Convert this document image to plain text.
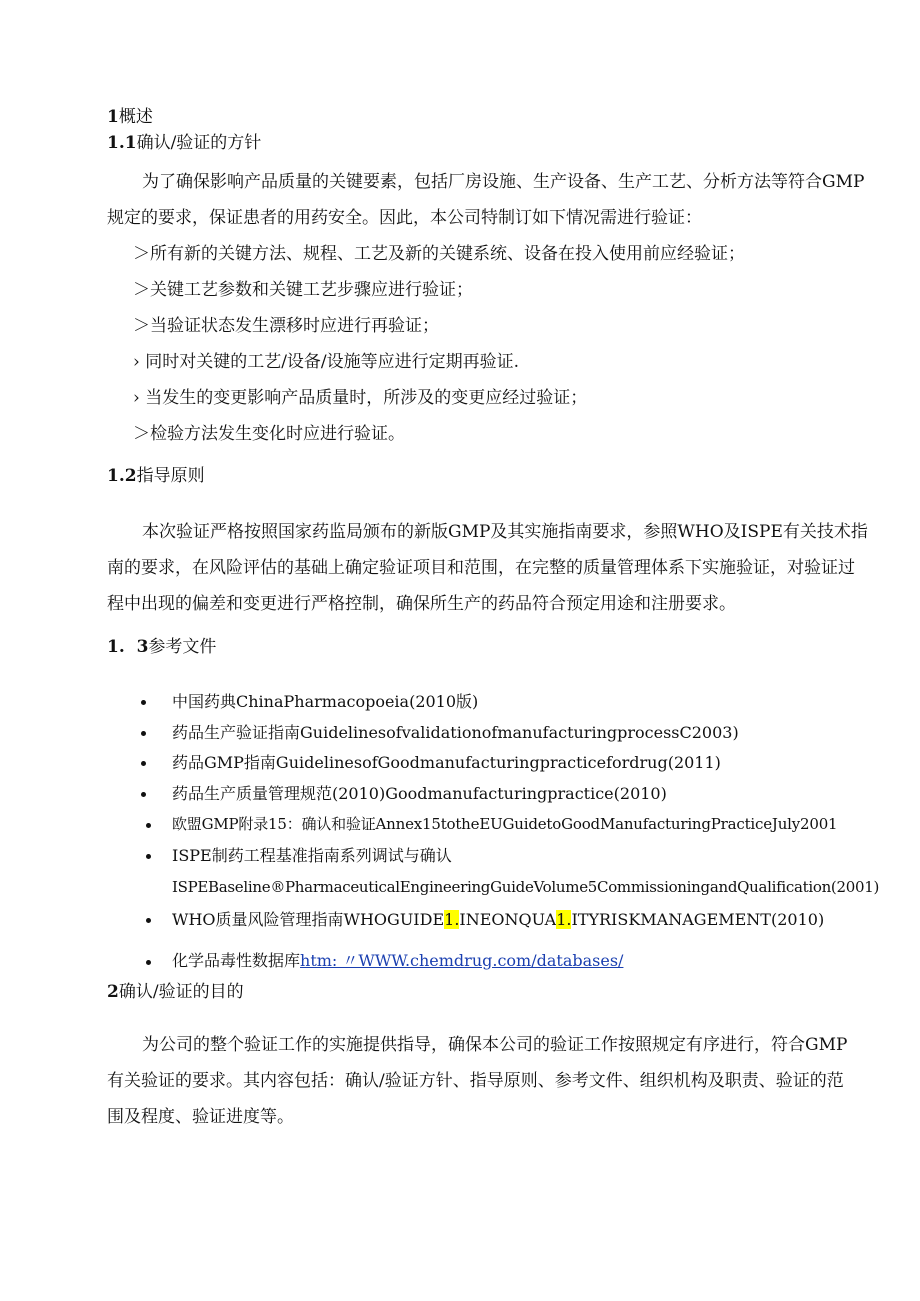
1概述
1.1确认/验证的方针
为了确保影响产品质量的关键要素，包括厂房设施、生产设备、生产工艺、分析方法等符合GMP
规定的要求，保证患者的用药安全。因此，本公司特制订如下情况需进行验证：
＞所有新的关键方法、规程、工艺及新的关键系统、设备在投入使用前应经验证；
＞关键工艺参数和关键工艺步骤应进行验证；
＞当验证状态发生漂移时应进行再验证；
› 同时对关键的工艺/设备/设施等应进行定期再验证.
› 当发生的变更影响产品质量时，所涉及的变更应经过验证；
＞检验方法发生变化时应进行验证。
1.2指导原则
本次验证严格按照国家药监局颁布的新版GMP及其实施指南要求，参照WHO及ISPE有关技术指
南的要求，在风险评估的基础上确定验证项目和范围，在完整的质量管理体系下实施验证，对验证过
程中出现的偏差和变更进行严格控制，确保所生产的药品符合预定用途和注册要求。
1.  3参考文件
中国药典ChinaPharmacopoeia(2010版)
药品生产验证指南GuidelinesofvalidationofmanufacturingprocessC2003)
药品GMP指南GuidelinesofGoodmanufacturingpracticefordrug(2011)
药品生产质量管理规范(2010)Goodmanufacturingpractice(2010)
欧盟GMP附录15：确认和验证Annex15totheEUGuidetoGoodManufacturingPracticeJuly2001
ISPE制药工程基准指南系列调试与确认
ISPEBaseline®PharmaceuticalEngineeringGuideVolume5CommissioningandQualification(2001)
WHO质量风险管理指南WHOGUIDE1.INEONQUA1.ITYRISKMANAGEMENT(2010)
化学品毒性数据库htm: 〃WWW.chemdrug.com/databases/
2确认/验证的目的
为公司的整个验证工作的实施提供指导，确保本公司的验证工作按照规定有序进行，符合GMP
有关验证的要求。其内容包括：确认/验证方针、指导原则、参考文件、组织机构及职责、验证的范
围及程度、验证进度等。
